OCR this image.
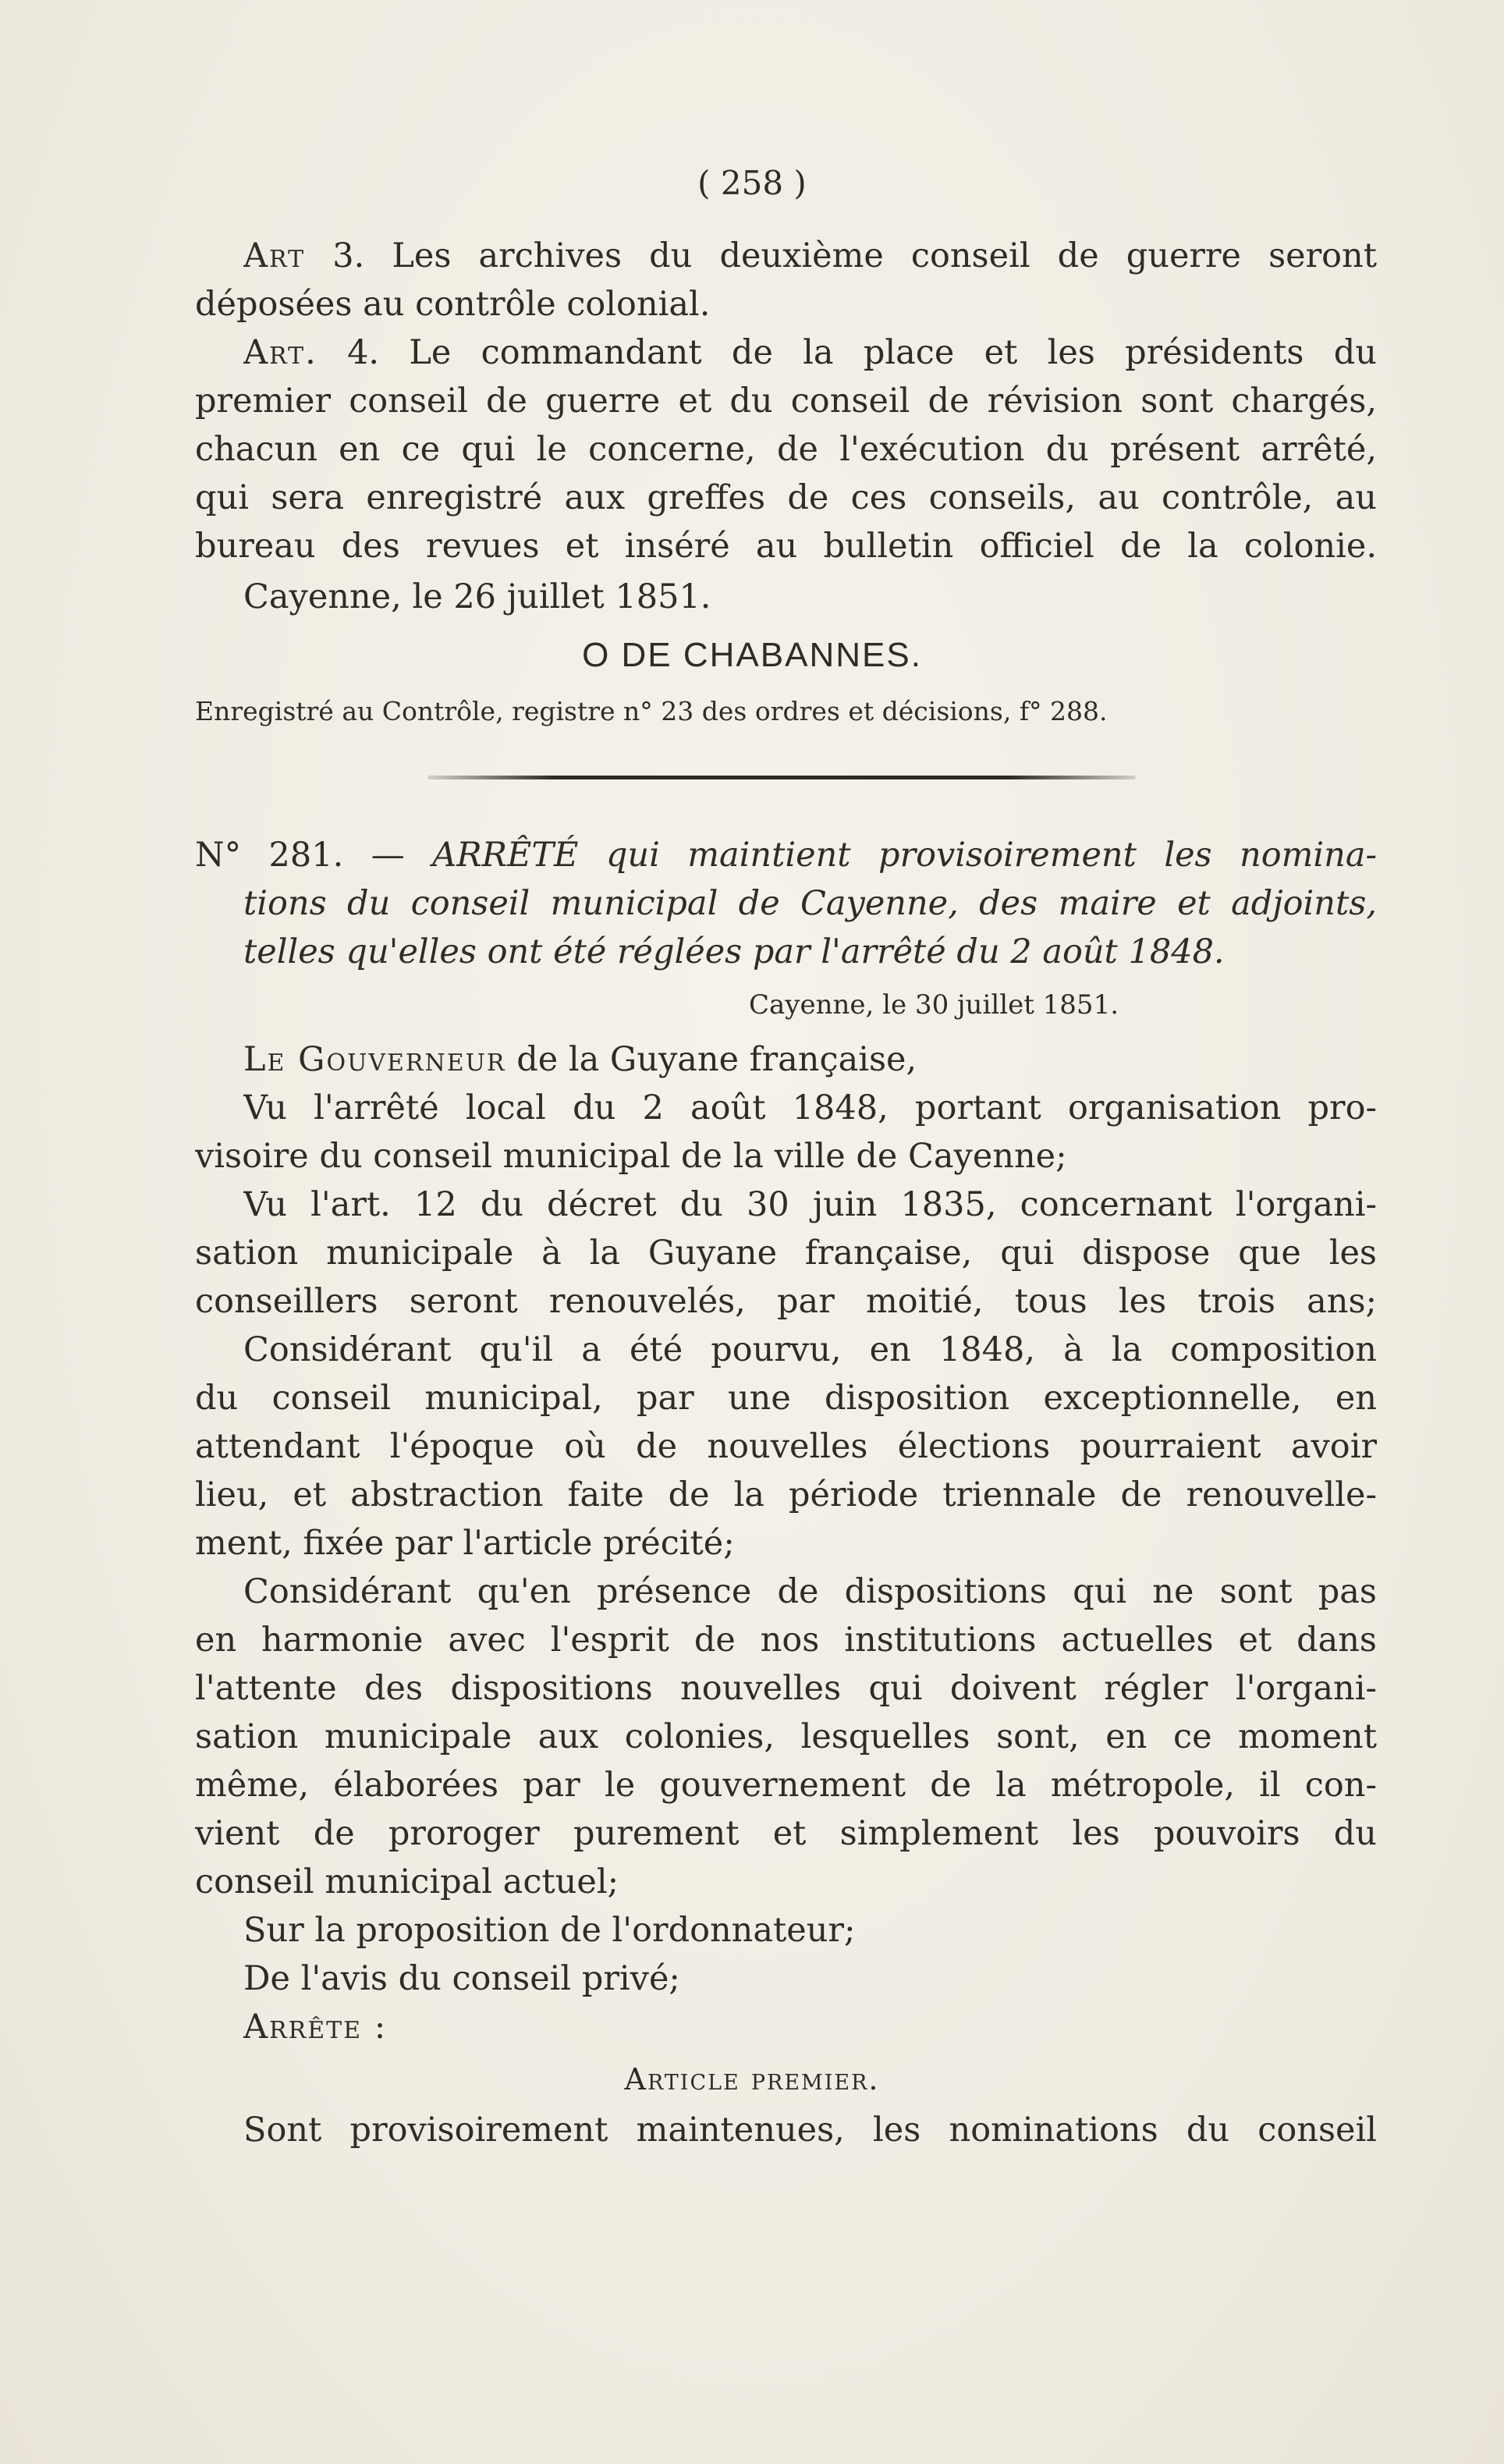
( 258 )
Art 3. Les archives du deuxième conseil de guerre seront
déposées au contrôle colonial.
Art. 4. Le commandant de la place et les présidents du
premier conseil de guerre et du conseil de révision sont chargés,
chacun en ce qui le concerne, de l'exécution du présent arrêté,
qui sera enregistré aux greffes de ces conseils, au contrôle, au
bureau des revues et inséré au bulletin officiel de la colonie.
Cayenne, le 26 juillet 1851.
O DE CHABANNES.
Enregistré au Contrôle, registre n° 23 des ordres et décisions, f° 288.
N° 281. — ARRÊTÉ qui maintient provisoirement les nomina-
tions du conseil municipal de Cayenne, des maire et adjoints,
telles qu'elles ont été réglées par l'arrêté du 2 août 1848.
Cayenne, le 30 juillet 1851.
Le Gouverneur de la Guyane française,
Vu l'arrêté local du 2 août 1848, portant organisation pro-
visoire du conseil municipal de la ville de Cayenne;
Vu l'art. 12 du décret du 30 juin 1835, concernant l'organi-
sation municipale à la Guyane française, qui dispose que les
conseillers seront renouvelés, par moitié, tous les trois ans;
Considérant qu'il a été pourvu, en 1848, à la composition
du conseil municipal, par une disposition exceptionnelle, en
attendant l'époque où de nouvelles élections pourraient avoir
lieu, et abstraction faite de la période triennale de renouvelle-
ment, fixée par l'article précité;
Considérant qu'en présence de dispositions qui ne sont pas
en harmonie avec l'esprit de nos institutions actuelles et dans
l'attente des dispositions nouvelles qui doivent régler l'organi-
sation municipale aux colonies, lesquelles sont, en ce moment
même, élaborées par le gouvernement de la métropole, il con-
vient de proroger purement et simplement les pouvoirs du
conseil municipal actuel;
Sur la proposition de l'ordonnateur;
De l'avis du conseil privé;
Arrête :
Article premier.
Sont provisoirement maintenues, les nominations du conseil
